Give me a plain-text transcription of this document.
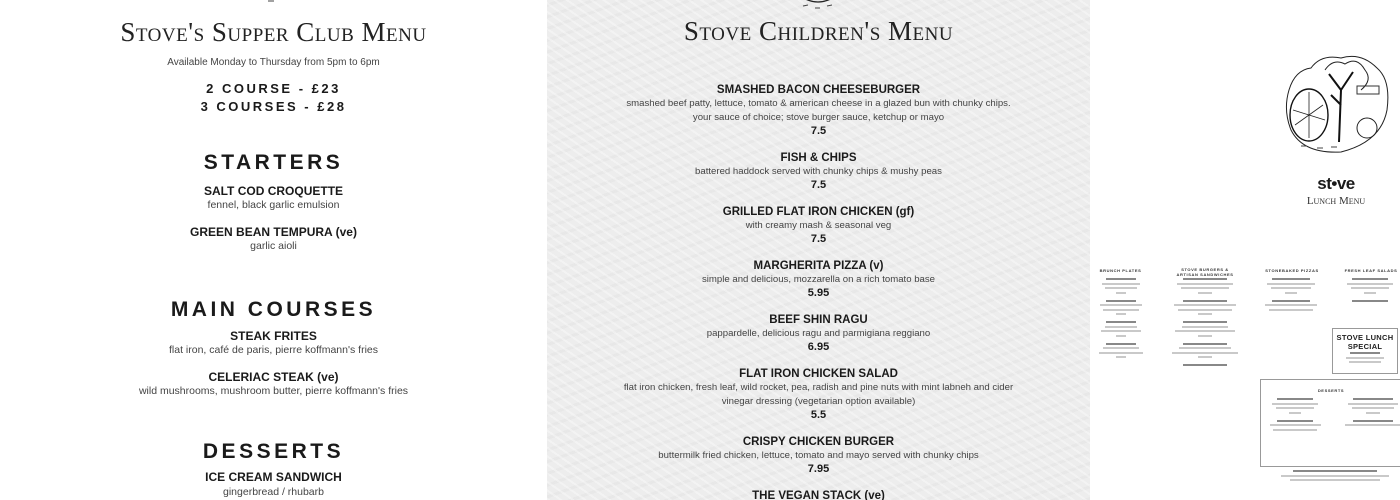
Stove's Supper Club Menu
Available Monday to Thursday from 5pm to 6pm
2 COURSE - £23
3 COURSES - £28
STARTERS
SALT COD CROQUETTE
fennel, black garlic emulsion
GREEN BEAN TEMPURA (ve)
garlic aioli
MAIN COURSES
STEAK FRITES
flat iron, café de paris, pierre koffmann's fries
CELERIAC STEAK (ve)
wild mushrooms, mushroom butter, pierre koffmann's fries
DESSERTS
ICE CREAM SANDWICH
gingerbread / rhubarb
Stove Children's Menu
SMASHED BACON CHEESEBURGER
smashed beef patty, lettuce, tomato & american cheese in a glazed bun with chunky chips. your sauce of choice; stove burger sauce, ketchup or mayo
7.5
FISH & CHIPS
battered haddock served with chunky chips & mushy peas
7.5
GRILLED FLAT IRON CHICKEN (gf)
with creamy mash & seasonal veg
7.5
MARGHERITA PIZZA (v)
simple and delicious, mozzarella on a rich tomato base
5.95
BEEF SHIN RAGU
pappardelle, delicious ragu and parmigiana reggiano
6.95
FLAT IRON CHICKEN SALAD
flat iron chicken, fresh leaf, wild rocket, pea, radish and pine nuts with mint labneh and cider vinegar dressing (vegetarian option available)
5.5
CRISPY CHICKEN BURGER
buttermilk fried chicken, lettuce, tomato and mayo served with chunky chips
7.95
THE VEGAN STACK (ve)
st•ve
Lunch Menu
BRUNCH PLATES	STOVE BURGERS & ARTISAN SANDWICHES
STONEBAKED PIZZAS	FRESH LEAF SALADS
STOVE LUNCH SPECIAL
DESSERTS
